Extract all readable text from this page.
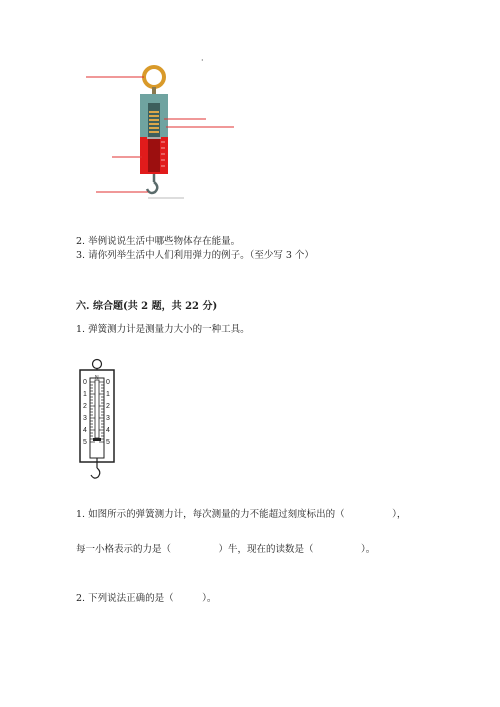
·
2. 举例说说生活中哪些物体存在能量。
3. 请你列举生活中人们利用弹力的例子。（至少写 3 个）
六. 综合题(共 2 题，共 22 分)
1. 弹簧测力计是测量力大小的一种工具。
N
0
1
2
3
4
5
0
1
2
3
4
5
1. 如图所示的弹簧测力计，每次测量的力不能超过刻度标出的（　　　　　），
每一小格表示的力是（　　　　　）牛，现在的读数是（　　　　　）。
2. 下列说法正确的是（　　　）。
